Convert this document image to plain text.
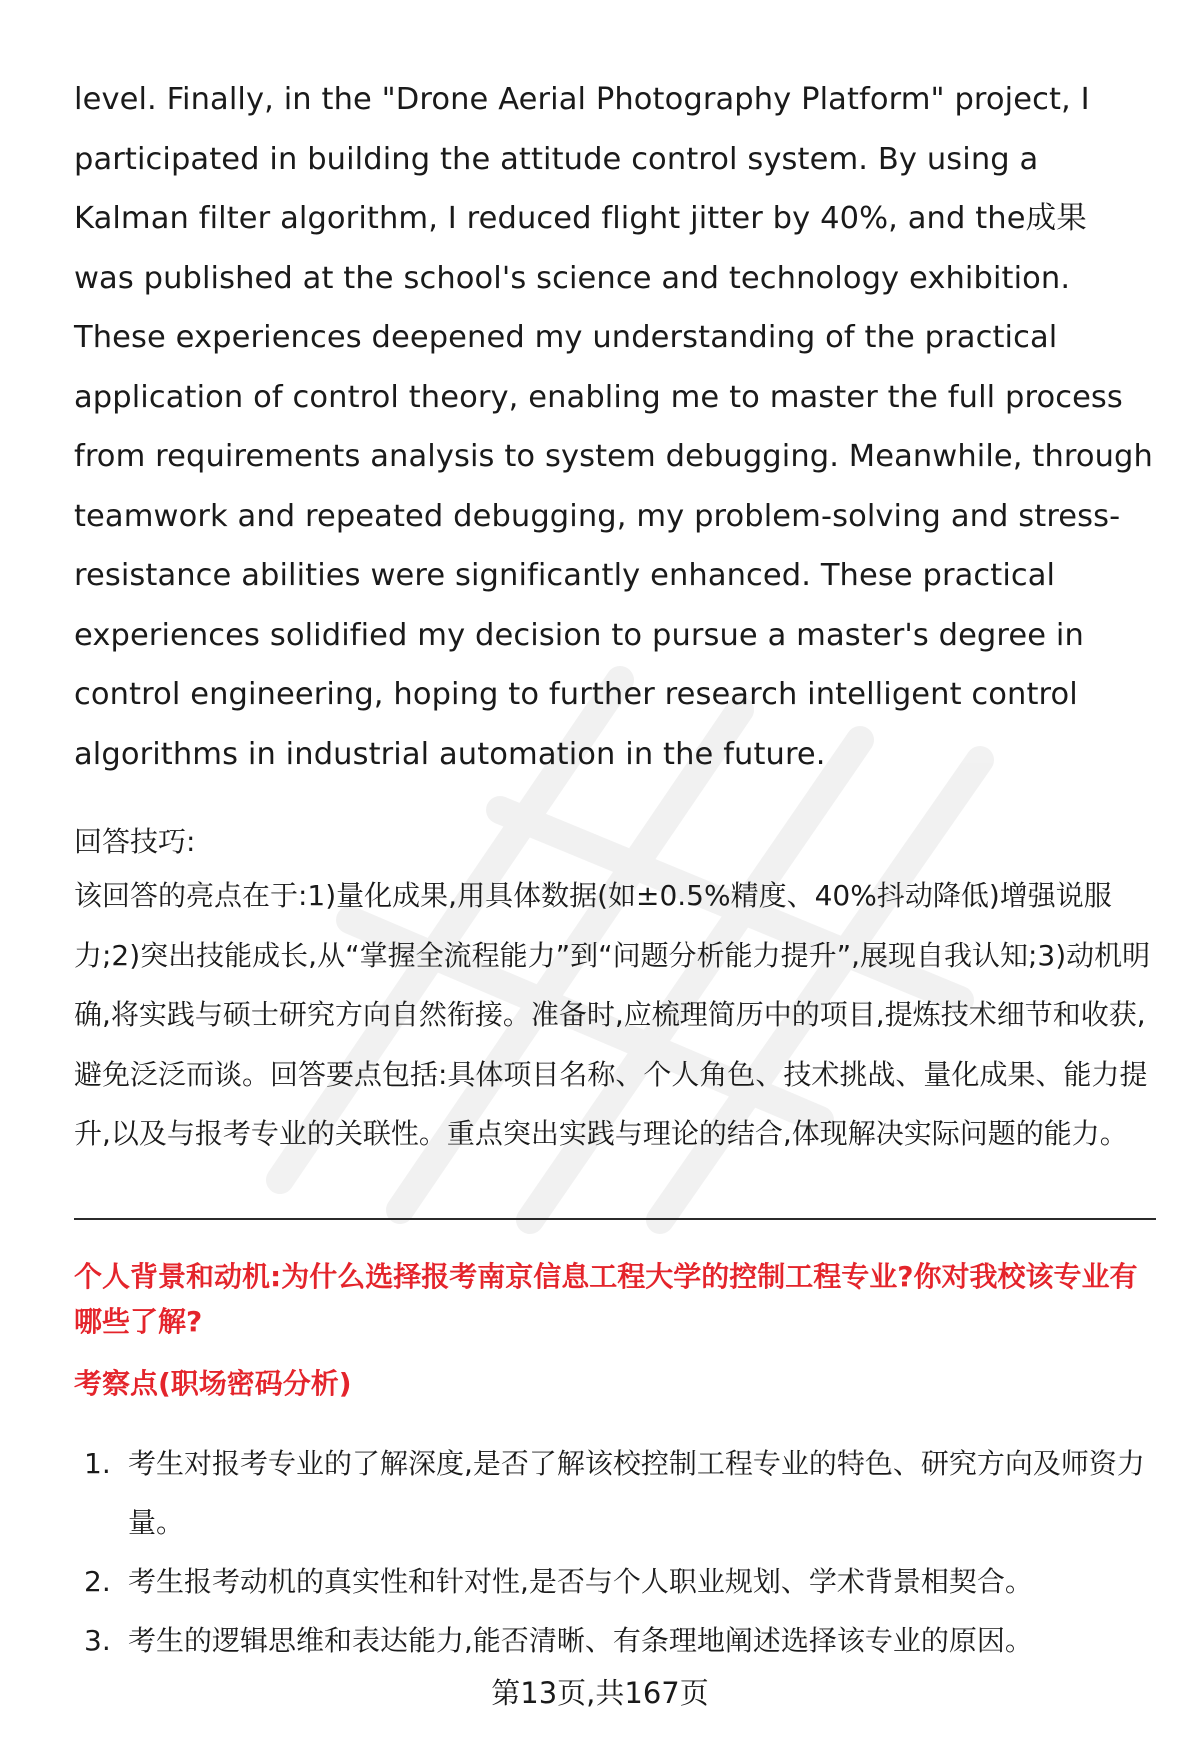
level. Finally, in the "Drone Aerial Photography Platform" project, I participated in building the attitude control system. By using a Kalman filter algorithm, I reduced flight jitter by 40%, and the成果 was published at the school's science and technology exhibition. These experiences deepened my understanding of the practical application of control theory, enabling me to master the full process from requirements analysis to system debugging. Meanwhile, through teamwork and repeated debugging, my problem-solving and stress-resistance abilities were significantly enhanced. These practical experiences solidified my decision to pursue a master's degree in control engineering, hoping to further research intelligent control algorithms in industrial automation in the future.

回答技巧:

该回答的亮点在于:1)量化成果,用具体数据(如±0.5%精度、40%抖动降低)增强说服力;2)突出技能成长,从“掌握全流程能力”到“问题分析能力提升”,展现自我认知;3)动机明确,将实践与硕士研究方向自然衔接。准备时,应梳理简历中的项目,提炼技术细节和收获,避免泛泛而谈。回答要点包括:具体项目名称、个人角色、技术挑战、量化成果、能力提升,以及与报考专业的关联性。重点突出实践与理论的结合,体现解决实际问题的能力。

个人背景和动机:为什么选择报考南京信息工程大学的控制工程专业?你对我校该专业有哪些了解?
考察点(职场密码分析)
1. 考生对报考专业的了解深度,是否了解该校控制工程专业的特色、研究方向及师资力量。
2. 考生报考动机的真实性和针对性,是否与个人职业规划、学术背景相契合。
3. 考生的逻辑思维和表达能力,能否清晰、有条理地阐述选择该专业的原因。
第13页,共167页
